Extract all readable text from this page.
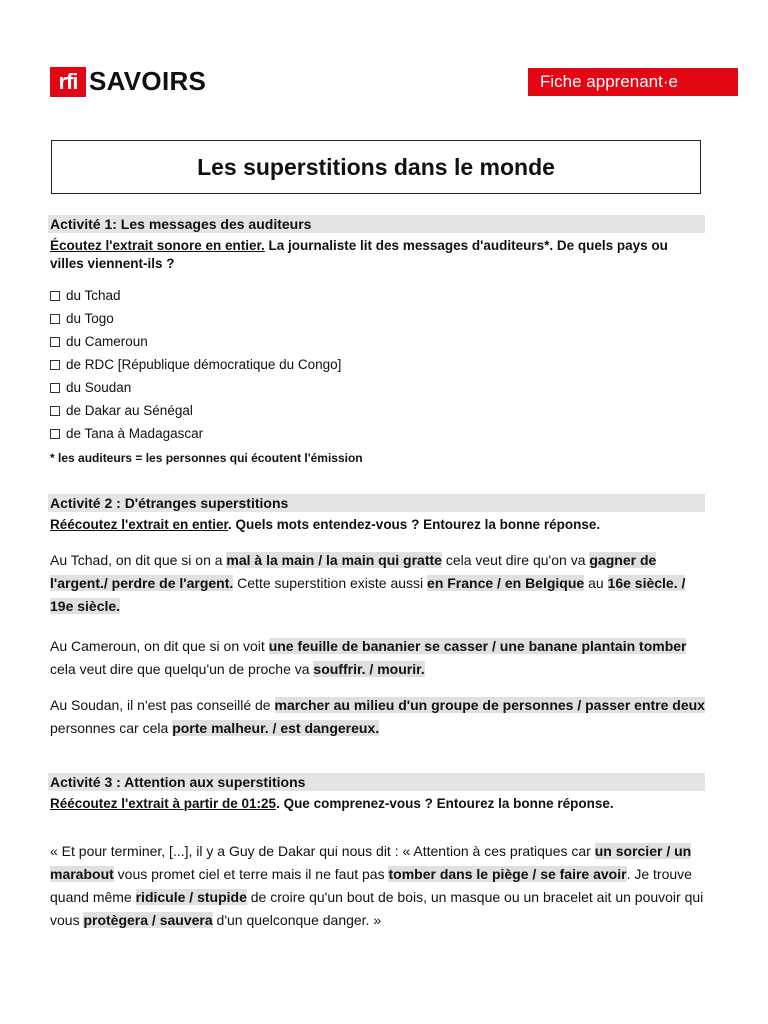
rfi SAVOIRS	Fiche apprenant·e
Les superstitions dans le monde
Activité 1: Les messages des auditeurs
Écoutez l'extrait sonore en entier. La journaliste lit des messages d'auditeurs*. De quels pays ou villes viennent-ils ?
du Tchad
du Togo
du Cameroun
de RDC [République démocratique du Congo]
du Soudan
de Dakar au Sénégal
de Tana à Madagascar
* les auditeurs = les personnes qui écoutent l'émission
Activité 2 : D'étranges superstitions
Réécoutez l'extrait en entier. Quels mots entendez-vous ? Entourez la bonne réponse.

Au Tchad, on dit que si on a mal à la main / la main qui gratte cela veut dire qu'on va gagner de l'argent./ perdre de l'argent. Cette superstition existe aussi en France / en Belgique au 16e siècle. / 19e siècle.

Au Cameroun, on dit que si on voit une feuille de bananier se casser / une banane plantain tomber cela veut dire que quelqu'un de proche va souffrir. / mourir.

Au Soudan, il n'est pas conseillé de marcher au milieu d'un groupe de personnes / passer entre deux personnes car cela porte malheur. / est dangereux.

Activité 3 : Attention aux superstitions
Réécoutez l'extrait à partir de 01:25. Que comprenez-vous ? Entourez la bonne réponse.

« Et pour terminer, [...], il y a Guy de Dakar qui nous dit : « Attention à ces pratiques car un sorcier / un marabout vous promet ciel et terre mais il ne faut pas tomber dans le piège / se faire avoir. Je trouve quand même ridicule / stupide de croire qu'un bout de bois, un masque ou un bracelet ait un pouvoir qui vous protègera / sauvera d'un quelconque danger. »
